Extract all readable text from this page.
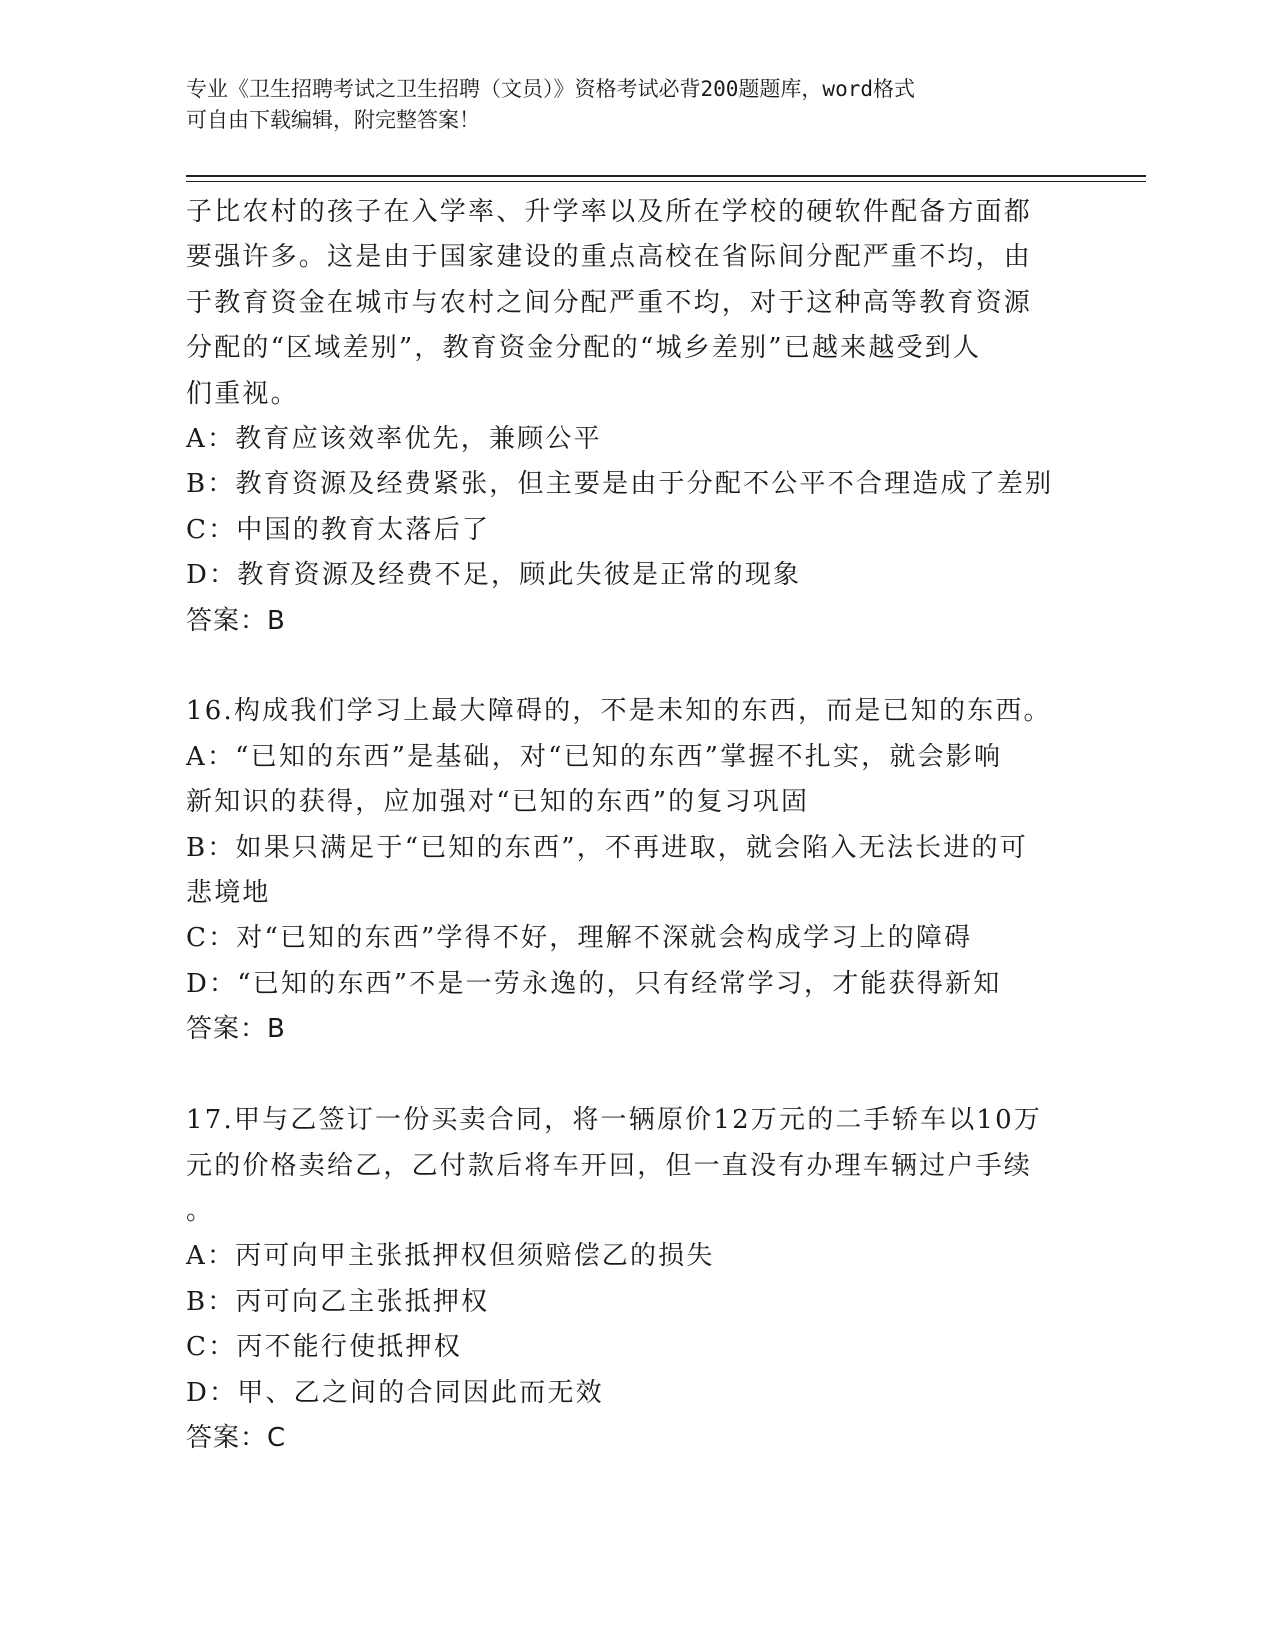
专业《卫生招聘考试之卫生招聘（文员）》资格考试必背200题题库，word格式
可自由下载编辑，附完整答案！
子比农村的孩子在入学率、升学率以及所在学校的硬软件配备方面都
要强许多。这是由于国家建设的重点高校在省际间分配严重不均，由
于教育资金在城市与农村之间分配严重不均，对于这种高等教育资源
分配的“区域差别”，教育资金分配的“城乡差别”已越来越受到人
们重视。
A：教育应该效率优先，兼顾公平
B：教育资源及经费紧张，但主要是由于分配不公平不合理造成了差别
C：中国的教育太落后了
D：教育资源及经费不足，顾此失彼是正常的现象
答案：B
16.构成我们学习上最大障碍的，不是未知的东西，而是已知的东西。
A：“已知的东西”是基础，对“已知的东西”掌握不扎实，就会影响
新知识的获得，应加强对“已知的东西”的复习巩固
B：如果只满足于“已知的东西”，不再进取，就会陷入无法长进的可
悲境地
C：对“已知的东西”学得不好，理解不深就会构成学习上的障碍
D：“已知的东西”不是一劳永逸的，只有经常学习，才能获得新知
答案：B
17.甲与乙签订一份买卖合同，将一辆原价12万元的二手轿车以10万
元的价格卖给乙，乙付款后将车开回，但一直没有办理车辆过户手续
。
A：丙可向甲主张抵押权但须赔偿乙的损失
B：丙可向乙主张抵押权
C：丙不能行使抵押权
D：甲、乙之间的合同因此而无效
答案：C
